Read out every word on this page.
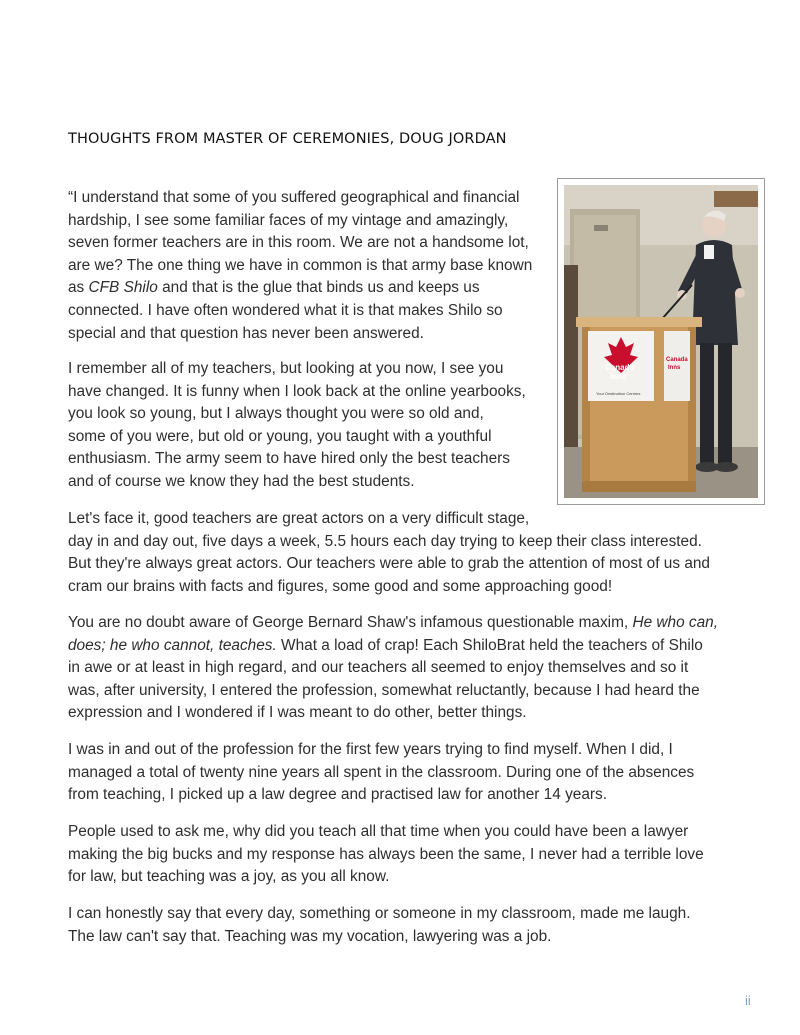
THOUGHTS FROM MASTER OF CEREMONIES, DOUG JORDAN

“I understand that some of you suffered geographical and financial
hardship, I see some familiar faces of my vintage and amazingly,
seven former teachers are in this room. We are not a handsome lot,
are we? The one thing we have in common is that army base known
as CFB Shilo and that is the glue that binds us and keeps us
connected. I have often wondered what it is that makes Shilo so
special and that question has never been answered.

I remember all of my teachers, but looking at you now, I see you
have changed. It is funny when I look back at the online yearbooks,
you look so young, but I always thought you were so old and,
some of you were, but old or young, you taught with a youthful
enthusiasm. The army seem to have hired only the best teachers
and of course we know they had the best students.

Let's face it, good teachers are great actors on a very difficult stage,
day in and day out, five days a week, 5.5 hours each day trying to keep their class interested.
But they're always great actors. Our teachers were able to grab the attention of most of us and
cram our brains with facts and figures, some good and some approaching good!

You are no doubt aware of George Bernard Shaw's infamous questionable maxim, He who can,
does; he who cannot, teaches. What a load of crap! Each ShiloBrat held the teachers of Shilo
in awe or at least in high regard, and our teachers all seemed to enjoy themselves and so it
was, after university, I entered the profession, somewhat reluctantly, because I had heard the
expression and I wondered if I was meant to do other, better things.

I was in and out of the profession for the first few years trying to find myself. When I did, I
managed a total of twenty nine years all spent in the classroom. During one of the absences
from teaching, I picked up a law degree and practised law for another 14 years.

People used to ask me, why did you teach all that time when you could have been a lawyer
making the big bucks and my response has always been the same, I never had a terrible love
for law, but teaching was a joy, as you all know.

I can honestly say that every day, something or someone in my classroom, made me laugh.
The law can't say that. Teaching was my vocation, lawyering was a job.

Canada
Inns
Your Destination Centres
Canada
Inns
ii
